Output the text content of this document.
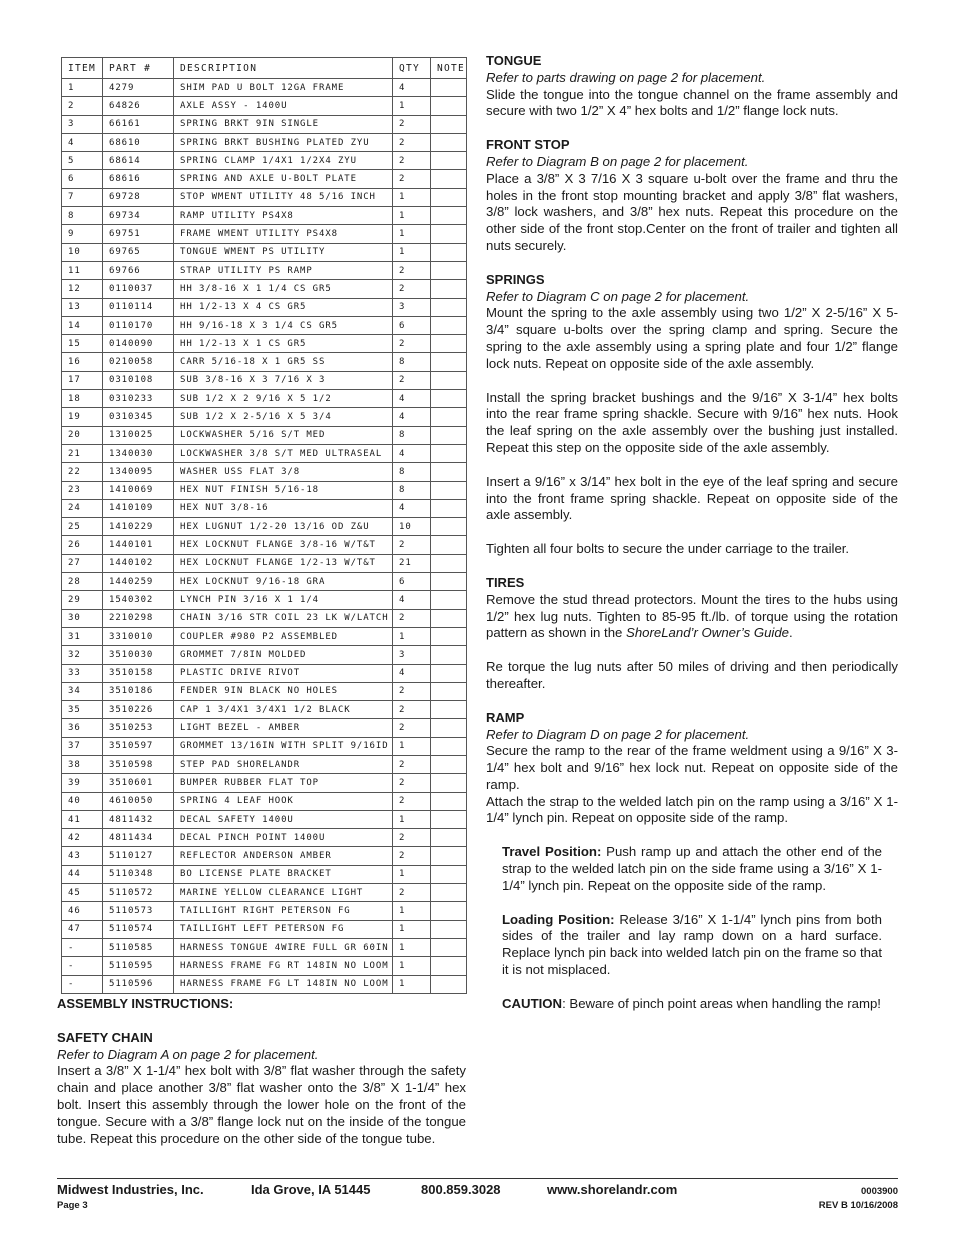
ITEM	PART #	DESCRIPTION	QTY	NOTE
1	4279	SHIM PAD U BOLT 12GA FRAME	4	
2	64826	AXLE ASSY - 1400U	1	
3	66161	SPRING BRKT 9IN SINGLE	2	
4	68610	SPRING BRKT BUSHING PLATED ZYU	2	
5	68614	SPRING CLAMP 1/4X1 1/2X4 ZYU	2	
6	68616	SPRING AND AXLE U-BOLT PLATE	2	
7	69728	STOP WMENT UTILITY 48 5/16 INCH	1	
8	69734	RAMP UTILITY PS4X8	1	
9	69751	FRAME WMENT UTILITY PS4X8	1	
10	69765	TONGUE WMENT PS UTILITY	1	
11	69766	STRAP UTILITY PS RAMP	2	
12	0110037	HH 3/8-16 X 1 1/4 CS GR5	2	
13	0110114	HH 1/2-13 X 4 CS GR5	3	
14	0110170	HH 9/16-18 X 3 1/4 CS GR5	6	
15	0140090	HH 1/2-13 X 1 CS GR5	2	
16	0210058	CARR 5/16-18 X 1 GR5 SS	8	
17	0310108	SUB 3/8-16 X 3 7/16 X 3	2	
18	0310233	SUB 1/2 X 2 9/16 X 5 1/2	4	
19	0310345	SUB 1/2 X 2-5/16 X 5 3/4	4	
20	1310025	LOCKWASHER 5/16 S/T MED	8	
21	1340030	LOCKWASHER 3/8 S/T MED ULTRASEAL	4	
22	1340095	WASHER USS FLAT 3/8	8	
23	1410069	HEX NUT FINISH 5/16-18	8	
24	1410109	HEX NUT 3/8-16	4	
25	1410229	HEX LUGNUT 1/2-20 13/16 OD Z&U	10	
26	1440101	HEX LOCKNUT FLANGE 3/8-16 W/T&T	2	
27	1440102	HEX LOCKNUT FLANGE 1/2-13 W/T&T	21	
28	1440259	HEX LOCKNUT 9/16-18 GRA	6	
29	1540302	LYNCH PIN 3/16 X 1 1/4	4	
30	2210298	CHAIN 3/16 STR COIL 23 LK W/LATCH	2	
31	3310010	COUPLER #980 P2 ASSEMBLED	1	
32	3510030	GROMMET 7/8IN MOLDED	3	
33	3510158	PLASTIC DRIVE RIVOT	4	
34	3510186	FENDER 9IN BLACK NO HOLES	2	
35	3510226	CAP 1 3/4X1 3/4X1 1/2 BLACK	2	
36	3510253	LIGHT BEZEL - AMBER	2	
37	3510597	GROMMET 13/16IN WITH SPLIT 9/16ID	1	
38	3510598	STEP PAD SHORELANDR	2	
39	3510601	BUMPER RUBBER FLAT TOP	2	
40	4610050	SPRING 4 LEAF HOOK	2	
41	4811432	DECAL SAFETY 1400U	1	
42	4811434	DECAL PINCH POINT 1400U	2	
43	5110127	REFLECTOR ANDERSON AMBER	2	
44	5110348	BO LICENSE PLATE BRACKET	1	
45	5110572	MARINE YELLOW CLEARANCE LIGHT	2	
46	5110573	TAILLIGHT RIGHT PETERSON FG	1	
47	5110574	TAILLIGHT LEFT PETERSON FG	1	
-	5110585	HARNESS TONGUE 4WIRE FULL GR 60IN	1	
-	5110595	HARNESS FRAME FG RT 148IN NO LOOM	1	
-	5110596	HARNESS FRAME FG LT 148IN NO LOOM	1	

ASSEMBLY INSTRUCTIONS:

SAFETY CHAIN

Refer to Diagram A on page 2 for placement.

Insert a 3/8” X 1-1/4” hex bolt with 3/8” flat washer through the safety chain and place another 3/8” flat washer onto the 3/8” X 1-1/4” hex bolt. Insert this assembly through the lower hole on the front of the tongue. Secure with a 3/8” flange lock nut on the inside of the tongue tube. Repeat this procedure on the other side of the tongue tube.

TONGUE

Refer to parts drawing on page 2 for placement.

Slide the tongue into the tongue channel on the frame assembly and secure with two 1/2” X 4” hex bolts and 1/2” flange lock nuts.

FRONT STOP

Refer to Diagram B on page 2 for placement.

Place a 3/8” X 3 7/16 X 3 square u-bolt over the frame and thru the holes in the front stop mounting bracket and apply 3/8” flat washers, 3/8” lock washers, and 3/8” hex nuts. Repeat this procedure on the other side of the front stop.Center on the front of trailer and tighten all nuts securely.

SPRINGS

Refer to Diagram C on page 2 for placement.

Mount the spring to the axle assembly using two 1/2” X 2-5/16” X 5-3/4” square u-bolts over the spring clamp and spring. Secure the spring to the axle assembly using a spring plate and four 1/2” flange lock nuts. Repeat on opposite side of the axle assembly.

Install the spring bracket bushings and the 9/16” X 3-1/4” hex bolts into the rear frame spring shackle. Secure with 9/16” hex nuts. Hook the leaf spring on the axle assembly over the bushing just installed. Repeat this step on the opposite side of the axle assembly.

Insert a 9/16” x 3/14” hex bolt in the eye of the leaf spring and secure into the front frame spring shackle. Repeat on opposite side of the axle assembly.

Tighten all four bolts to secure the under carriage to the trailer.

TIRES

Remove the stud thread protectors. Mount the tires to the hubs using 1/2” hex lug nuts. Tighten to 85-95 ft./lb. of torque using the rotation pattern as shown in the ShoreLand’r Owner’s Guide.

Re torque the lug nuts after 50 miles of driving and then periodically thereafter.

RAMP

Refer to Diagram D on page 2 for placement.

Secure the ramp to the rear of the frame weldment using a 9/16” X 3-1/4” hex bolt and 9/16” hex lock nut. Repeat on opposite side of the ramp.

Attach the strap to the welded latch pin on the ramp using a 3/16” X 1-1/4” lynch pin. Repeat on opposite side of the ramp.

Travel Position: Push ramp up and attach the other end of the strap to the welded latch pin on the side frame using a 3/16” X 1-1/4” lynch pin. Repeat on the opposite side of the ramp.

Loading Position: Release 3/16” X 1-1/4” lynch pins from both sides of the trailer and lay ramp down on a hard surface. Replace lynch pin back into welded latch pin on the frame so that it is not misplaced.

CAUTION: Beware of pinch point areas when handling the ramp!

Midwest Industries, Inc.	Ida Grove, IA 51445	800.859.3028	www.shorelandr.com
Page 3
0003900
REV B 10/16/2008
